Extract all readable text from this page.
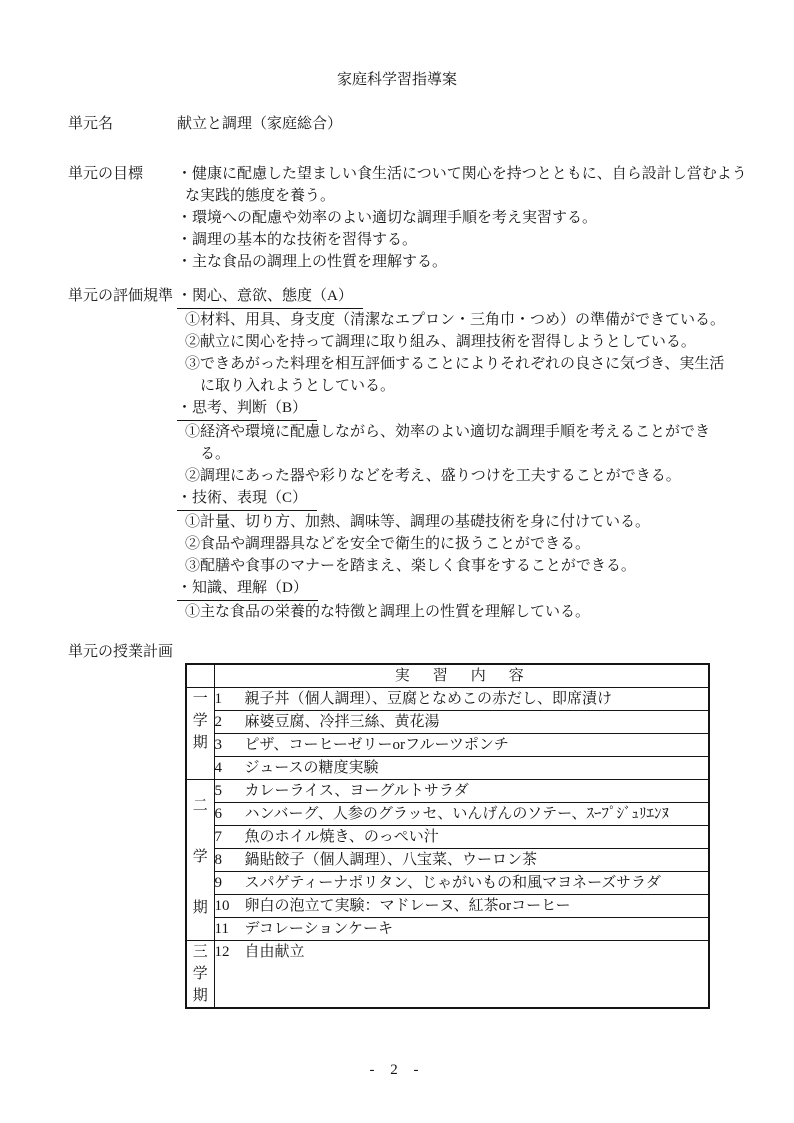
家庭科学習指導案
単元名	献立と調理（家庭総合）
単元の目標	・健康に配慮した望ましい食生活について関心を持つとともに、自ら設計し営むような実践的態度を養う。

・環境への配慮や効率のよい適切な調理手順を考え実習する。

・調理の基本的な技術を習得する。

・主な食品の調理上の性質を理解する。

単元の評価規準 ・関心、意欲、態度（A）

①材料、用具、身支度（清潔なエプロン・三角巾・つめ）の準備ができている。

②献立に関心を持って調理に取り組み、調理技術を習得しようとしている。

③できあがった料理を相互評価することによりそれぞれの良さに気づき、実生活に取り入れようとしている。

・思考、判断（B）

①経済や環境に配慮しながら、効率のよい適切な調理手順を考えることができる。

②調理にあった器や彩りなどを考え、盛りつけを工夫することができる。

・技術、表現（C）

①計量、切り方、加熱、調味等、調理の基礎技術を身に付けている。

②食品や調理器具などを安全で衛生的に扱うことができる。

③配膳や食事のマナーを踏まえ、楽しく食事をすることができる。

・知識、理解（D）

①主な食品の栄養的な特徴と調理上の性質を理解している。

単元の授業計画
	実　習　内　容

一
学
期	1 親子丼（個人調理）、豆腐となめこの赤だし、即席漬け
	2 麻婆豆腐、冷拌三絲、黄花湯
	3 ピザ、コーヒーゼリーorフルーツポンチ
	4 ジュースの糖度実験

二
学
期	5 カレーライス、ヨーグルトサラダ
	6 ハンバーグ、人参のグラッセ、いんげんのソテー、ｽｰﾌﾟｼﾞｭﾘｴﾝﾇ
	7 魚のホイル焼き、のっぺい汁
	8 鍋貼餃子（個人調理）、八宝菜、ウーロン茶
	9 スパゲティーナポリタン、じゃがいもの和風マヨネーズサラダ
	10 卵白の泡立て実験：マドレーヌ、紅茶orコーヒー
	11 デコレーションケーキ

三
学
期	12 自由献立
- 2 -
